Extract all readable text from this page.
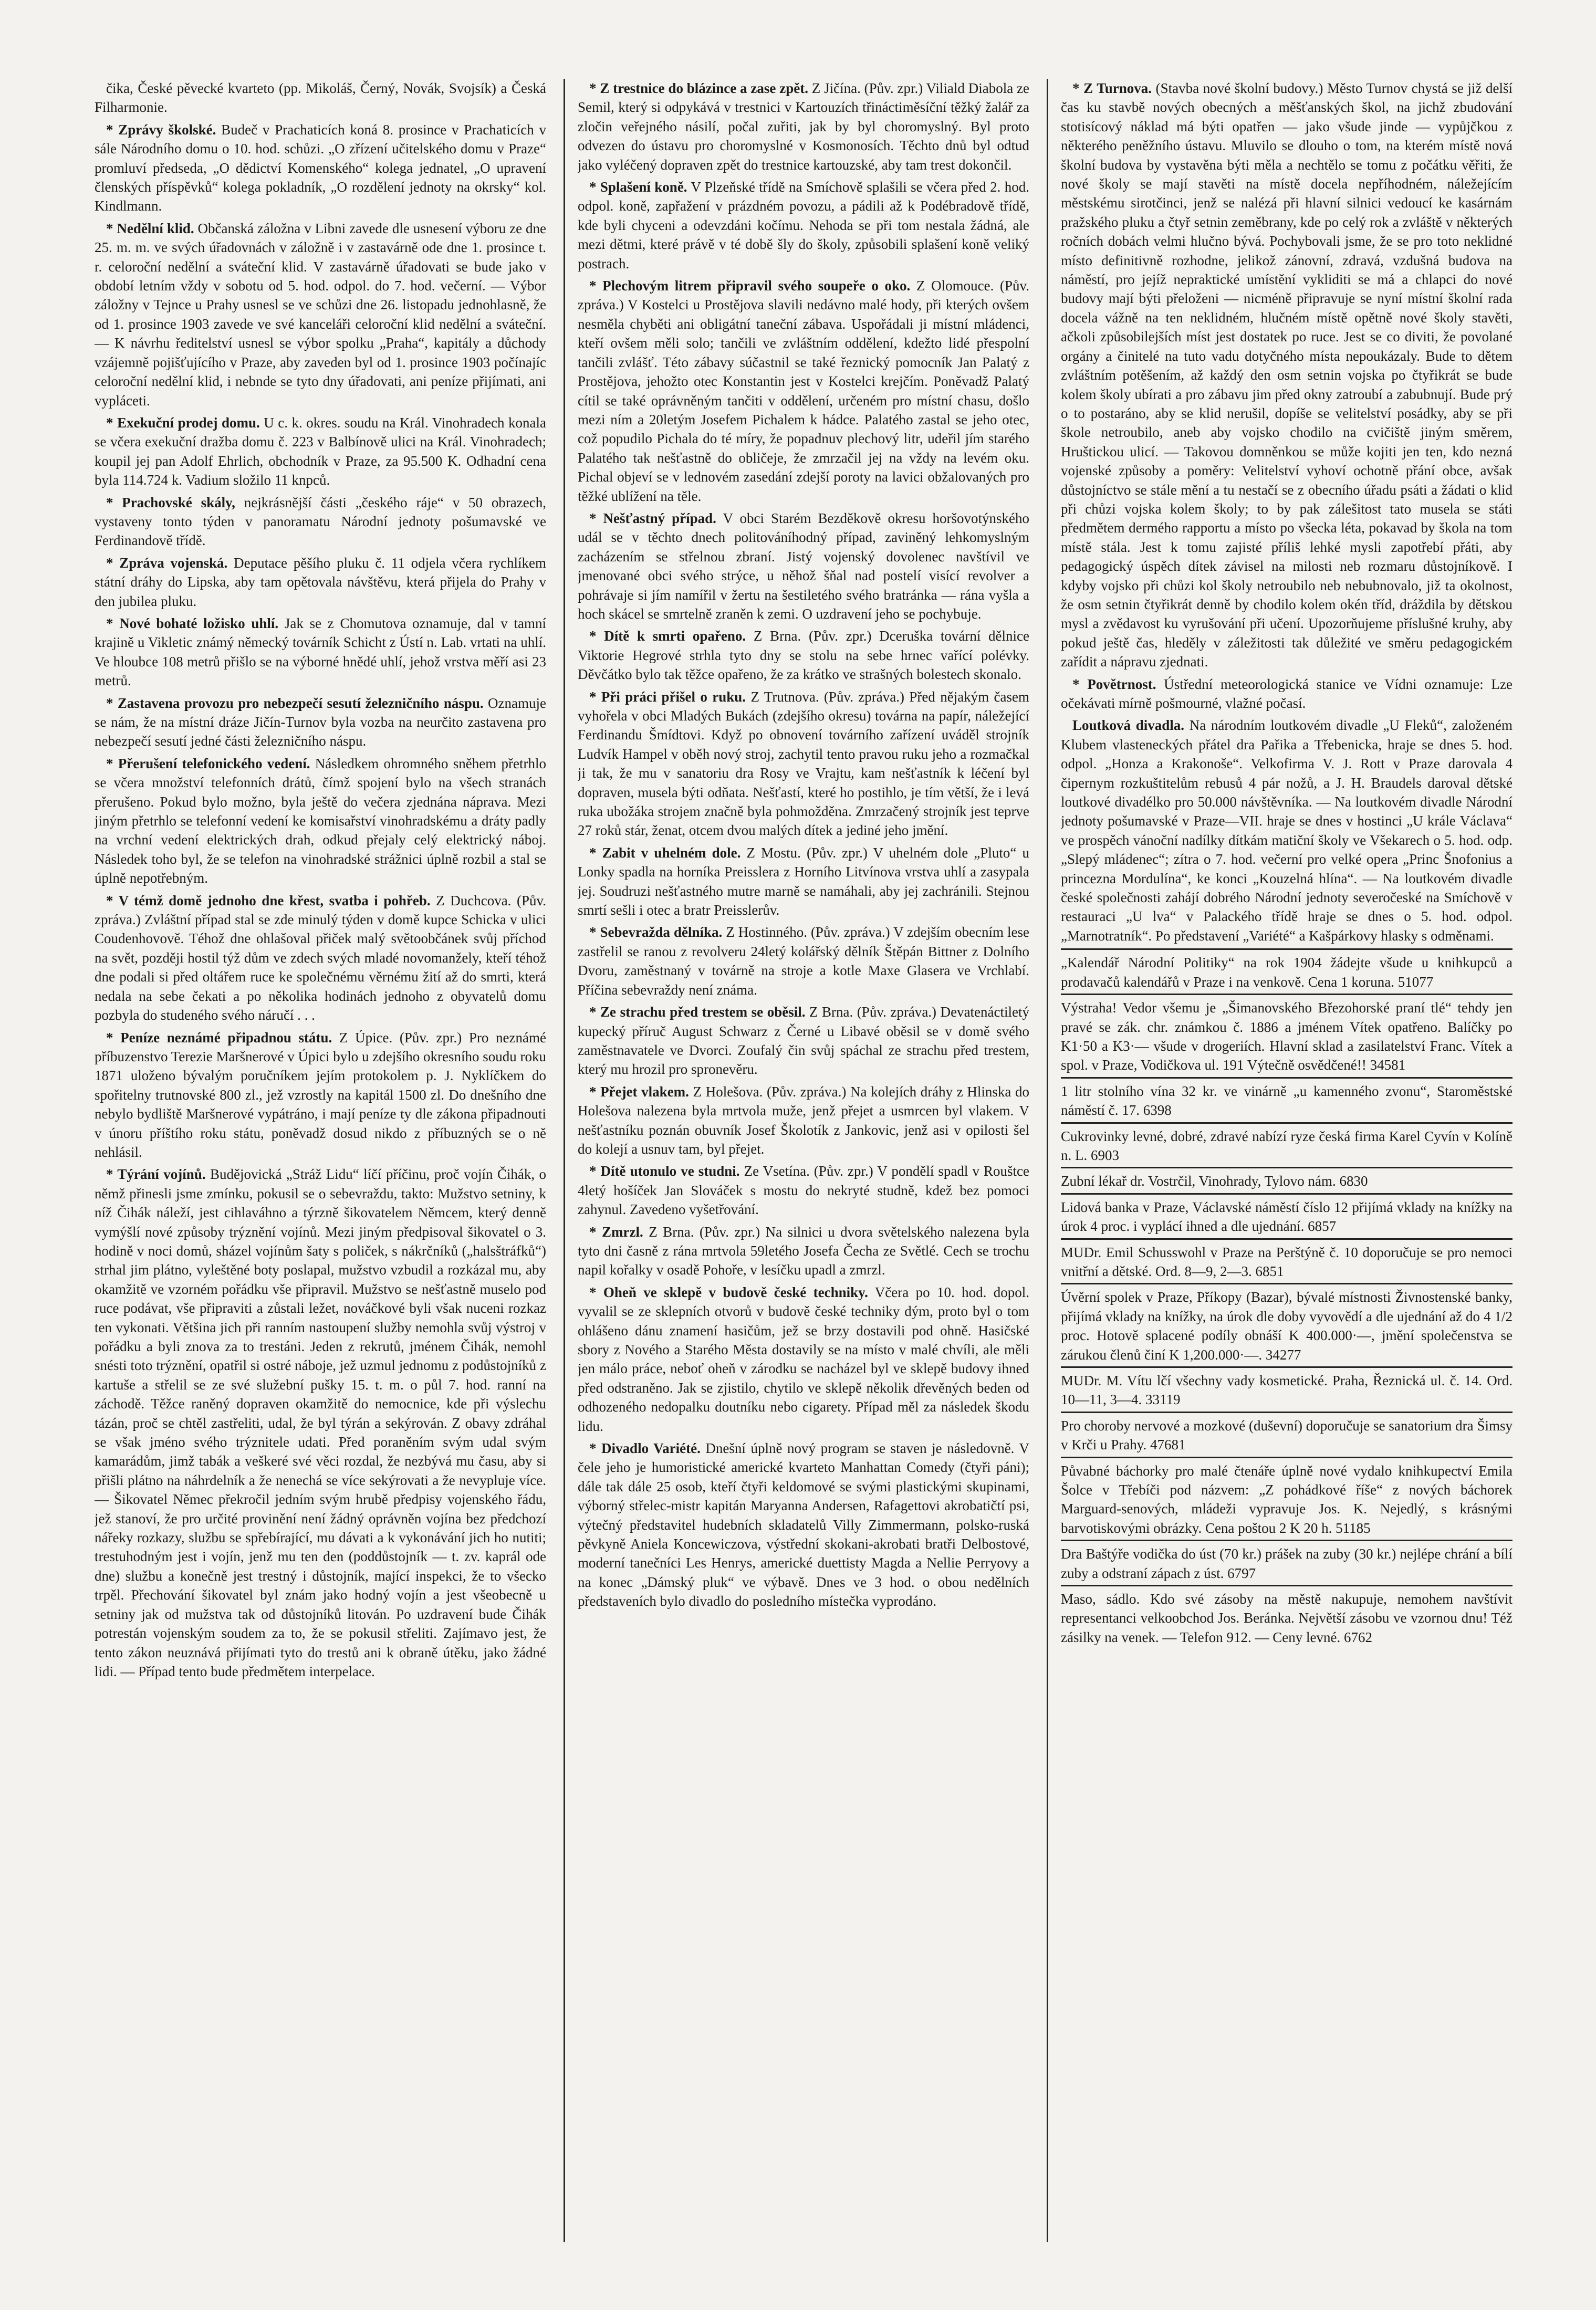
čika, České pěvecké kvarteto (pp. Mikoláš, Černý, Novák, Svojsík) a Česká Filharmonie.

* Zprávy školské. Budeč v Prachaticích koná 8. prosince v Prachaticích v sále Národního domu o 10. hod. schůzi. „O zřízení učitelského domu v Praze“ promluví předseda, „O dědictví Komenského“ kolega jednatel, „O upravení členských příspěvků“ kolega pokladník, „O rozdělení jednoty na okrsky“ kol. Kindlmann.

* Nedělní klid. Občanská záložna v Libni zavede dle usnesení výboru ze dne 25. m. m. ve svých úřadovnách v záložně i v zastavárně ode dne 1. prosince t. r. celoroční nedělní a sváteční klid. V zastavárně úřadovati se bude jako v období letním vždy v sobotu od 5. hod. odpol. do 7. hod. večerní. — Výbor záložny v Tejnce u Prahy usnesl se ve schůzi dne 26. listopadu jednohlasně, že od 1. prosince 1903 zavede ve své kanceláři celoroční klid nedělní a sváteční. — K návrhu ředitelství usnesl se výbor spolku „Praha“, kapitály a důchody vzájemně pojišťujícího v Praze, aby zaveden byl od 1. prosince 1903 počínajíc celoroční nedělní klid, i nebnde se tyto dny úřadovati, ani peníze přijímati, ani vypláceti.

* Exekuční prodej domu. U c. k. okres. soudu na Král. Vinohradech konala se včera exekuční dražba domu č. 223 v Balbínově ulici na Král. Vinohradech; koupil jej pan Adolf Ehrlich, obchodník v Praze, za 95.500 K. Odhadní cena byla 114.724 k. Vadium složilo 11 knpců.

* Prachovské skály, nejkrásnější části „českého ráje“ v 50 obrazech, vystaveny tonto týden v panoramatu Národní jednoty pošumavské ve Ferdinandově třídě.

* Zpráva vojenská. Deputace pěšího pluku č. 11 odjela včera rychlíkem státní dráhy do Lipska, aby tam opětovala návštěvu, která přijela do Prahy v den jubilea pluku.

* Nové bohaté ložisko uhlí. Jak se z Chomutova oznamuje, dal v tamní krajině u Vikletic známý německý továrník Schicht z Ústí n. Lab. vrtati na uhlí. Ve hloubce 108 metrů přišlo se na výborné hnědé uhlí, jehož vrstva měří asi 23 metrů.

* Zastavena provozu pro nebezpečí sesutí železničního náspu. Oznamuje se nám, že na místní dráze Jičín-Turnov byla vozba na neurčito zastavena pro nebezpečí sesutí jedné části železničního náspu.

* Přerušení telefonického vedení. Následkem ohromného sněhem přetrhlo se včera množství telefonních drátů, čímž spojení bylo na všech stranách přerušeno. Pokud bylo možno, byla ještě do večera zjednána náprava. Mezi jiným přetrhlo se telefonní vedení ke komisařství vinohradskému a dráty padly na vrchní vedení elektrických drah, odkud přejaly celý elektrický náboj. Následek toho byl, že se telefon na vinohradské strážnici úplně rozbil a stal se úplně nepotřebným.

* V témž domě jednoho dne křest, svatba i pohřeb. Z Duchcova. (Pův. zpráva.) Zvláštní případ stal se zde minulý týden v domě kupce Schicka v ulici Coudenhovově. Téhož dne ohlašoval přiček malý světoobčánek svůj příchod na svět, později hostil týž dům ve zdech svých mladé novomanžely, kteří téhož dne podali si před oltářem ruce ke společnému věrnému žití až do smrti, která nedala na sebe čekati a po několika hodinách jednoho z obyvatelů domu pozbyla do studeného svého náručí . . .

* Peníze neznámé připadnou státu. Z Úpice. (Pův. zpr.) Pro neznámé příbuzenstvo Terezie Maršnerové v Úpici bylo u zdejšího okresního soudu roku 1871 uloženo bývalým poručníkem jejím protokolem p. J. Nyklíčkem do spořitelny trutnovské 800 zl., jež vzrostly na kapitál 1500 zl. Do dnešního dne nebylo bydliště Maršnerové vypátráno, i mají peníze ty dle zákona připadnouti v únoru příštího roku státu, poněvadž dosud nikdo z příbuzných se o ně nehlásil.

* Týrání vojínů. Budějovická „Stráž Lidu“ líčí příčinu, proč vojín Čihák, o němž přinesli jsme zmínku, pokusil se o sebevraždu, takto: Mužstvo setniny, k níž Čihák náleží, jest cihlaváhno a týrzně šikovatelem Němcem, který denně vymýšlí nové způsoby trýznění vojínů. Mezi jiným předpisoval šikovatel o 3. hodině v noci domů, sházel vojínům šaty s poliček, s nákrčníků („halsštráfků“) strhal jim plátno, vyleštěné boty poslapal, mužstvo vzbudil a rozkázal mu, aby okamžitě ve vzorném pořádku vše připravil. Mužstvo se nešťastně muselo pod ruce podávat, vše připraviti a zůstali ležet, nováčkové byli však nuceni rozkaz ten vykonati. Většina jich při ranním nastoupení služby nemohla svůj výstroj v pořádku a byli znova za to trestáni. Jeden z rekrutů, jménem Čihák, nemohl snésti toto trýznění, opatřil si ostré náboje, jež uzmul jednomu z podůstojníků z kartuše a střelil se ze své služební pušky 15. t. m. o půl 7. hod. ranní na záchodě. Těžce raněný dopraven okamžitě do nemocnice, kde při výslechu tázán, proč se chtěl zastřeliti, udal, že byl týrán a sekýrován. Z obavy zdráhal se však jméno svého trýznitele udati. Před poraněním svým udal svým kamarádům, jimž tabák a veškeré své věci rozdal, že nezbývá mu času, aby si přišli plátno na náhrdelník a že nenechá se více sekýrovati a že nevypluje více. — Šikovatel Němec překročil jedním svým hrubě předpisy vojenského řádu, jež stanoví, že pro určité provinění není žádný oprávněn vojína bez předchozí nářeky rozkazy, službu se spřebírající, mu dávati a k vykonávání jich ho nutiti; trestuhodným jest i vojín, jenž mu ten den (poddůstojník — t. zv. kaprál ode dne) službu a konečně jest trestný i důstojník, mající inspekci, že to všecko trpěl. Přechování šikovatel byl znám jako hodný vojín a jest všeobecně u setniny jak od mužstva tak od důstojníků litován. Po uzdravení bude Čihák potrestán vojenským soudem za to, že se pokusil střeliti. Zajímavo jest, že tento zákon neuznává přijímati tyto do trestů ani k obraně útěku, jako žádné lidi. — Případ tento bude předmětem interpelace.

* Z trestnice do blázince a zase zpět. Z Jičína. (Pův. zpr.) Viliald Diabola ze Semil, který si odpykává v trestnici v Kartouzích třináctiměsíční těžký žalář za zločin veřejného násilí, počal zuřiti, jak by byl choromyslný. Byl proto odvezen do ústavu pro choromyslné v Kosmonosích. Těchto dnů byl odtud jako vyléčený dopraven zpět do trestnice kartouzské, aby tam trest dokončil.

* Splašení koně. V Plzeňské třídě na Smíchově splašili se včera před 2. hod. odpol. koně, zapřažení v prázdném povozu, a pádili až k Podébradově třídě, kde byli chyceni a odevzdáni kočímu. Nehoda se při tom nestala žádná, ale mezi dětmi, které právě v té době šly do školy, způsobili splašení koně veliký postrach.

* Plechovým litrem připravil svého soupeře o oko. Z Olomouce. (Pův. zpráva.) V Kostelci u Prostějova slavili nedávno malé hody, při kterých ovšem nesměla chyběti ani obligátní taneční zábava. Uspořádali ji místní mládenci, kteří ovšem měli solo; tančili ve zvláštním oddělení, kdežto lidé přespolní tančili zvlášť. Této zábavy súčastnil se také řeznický pomocník Jan Palatý z Prostějova, jehožto otec Konstantin jest v Kostelci krejčím. Poněvadž Palatý cítil se také oprávněným tančiti v oddělení, určeném pro místní chasu, došlo mezi ním a 20letým Josefem Pichalem k hádce. Palatého zastal se jeho otec, což popudilo Pichala do té míry, že popadnuv plechový litr, udeřil jím starého Palatého tak nešťastně do obličeje, že zmrzačil jej na vždy na levém oku. Pichal objeví se v lednovém zasedání zdejší poroty na lavici obžalovaných pro těžké ublížení na těle.

* Nešťastný případ. V obci Starém Bezděkově okresu horšovotýnského udál se v těchto dnech politováníhodný případ, zaviněný lehkomyslným zacházením se střelnou zbraní. Jistý vojenský dovolenec navštívil ve jmenované obci svého strýce, u něhož šňal nad postelí visící revolver a pohrávaje si jím namířil v žertu na šestiletého svého bratránka — rána vyšla a hoch skácel se smrtelně zraněn k zemi. O uzdravení jeho se pochybuje.

* Dítě k smrti opařeno. Z Brna. (Pův. zpr.) Dceruška tovární dělnice Viktorie Hegrové strhla tyto dny se stolu na sebe hrnec vařící polévky. Děvčátko bylo tak těžce opařeno, že za krátko ve strašných bolestech skonalo.

* Při práci přišel o ruku. Z Trutnova. (Pův. zpráva.) Před nějakým časem vyhořela v obci Mladých Bukách (zdejšího okresu) továrna na papír, náležející Ferdinandu Šmídtovi. Když po obnovení továrního zařízení uváděl strojník Ludvík Hampel v oběh nový stroj, zachytil tento pravou ruku jeho a rozmačkal ji tak, že mu v sanatoriu dra Rosy ve Vrajtu, kam nešťastník k léčení byl dopraven, musela býti odňata. Nešťastí, které ho postihlo, je tím větší, že i levá ruka ubožáka strojem značně byla pohmožděna. Zmrzačený strojník jest teprve 27 roků stár, ženat, otcem dvou malých dítek a jediné jeho jmění.

* Zabit v uhelném dole. Z Mostu. (Pův. zpr.) V uhelném dole „Pluto“ u Lonky spadla na horníka Preisslera z Horního Litvínova vrstva uhlí a zasypala jej. Soudruzi nešťastného mutre marně se namáhali, aby jej zachránili. Stejnou smrtí sešli i otec a bratr Preisslerův.

* Sebevražda dělníka. Z Hostinného. (Pův. zpráva.) V zdejším obecním lese zastřelil se ranou z revolveru 24letý kolářský dělník Štěpán Bittner z Dolního Dvoru, zaměstnaný v továrně na stroje a kotle Maxe Glasera ve Vrchlabí. Příčina sebevraždy není známa.

* Ze strachu před trestem se oběsil. Z Brna. (Pův. zpráva.) Devatenáctiletý kupecký příruč August Schwarz z Černé u Libavé oběsil se v domě svého zaměstnavatele ve Dvorci. Zoufalý čin svůj spáchal ze strachu před trestem, který mu hrozil pro spronevěru.

* Přejet vlakem. Z Holešova. (Pův. zpráva.) Na kolejích dráhy z Hlinska do Holešova nalezena byla mrtvola muže, jenž přejet a usmrcen byl vlakem. V nešťastníku poznán obuvník Josef Školotík z Jankovic, jenž asi v opilosti šel do kolejí a usnuv tam, byl přejet.

* Dítě utonulo ve studni. Ze Vsetína. (Pův. zpr.) V pondělí spadl v Rouštce 4letý hošíček Jan Slováček s mostu do nekryté studně, kdež bez pomoci zahynul. Zavedeno vyšetřování.

* Zmrzl. Z Brna. (Pův. zpr.) Na silnici u dvora světelského nalezena byla tyto dni časně z rána mrtvola 59letého Josefa Čecha ze Světlé. Cech se trochu napil kořalky v osadě Pohoře, v lesíčku upadl a zmrzl.

* Oheň ve sklepě v budově české techniky. Včera po 10. hod. dopol. vyvalil se ze sklepních otvorů v budově české techniky dým, proto byl o tom ohlášeno dánu znamení hasičům, jež se brzy dostavili pod ohně. Hasičské sbory z Nového a Starého Města dostavily se na místo v malé chvíli, ale měli jen málo práce, neboť oheň v zárodku se nacházel byl ve sklepě budovy ihned před odstraněno. Jak se zjistilo, chytilo ve sklepě několik dřevěných beden od odhozeného nedopalku doutníku nebo cigarety. Případ měl za následek škodu lidu.

* Divadlo Variété. Dnešní úplně nový program se staven je následovně. V čele jeho je humoristické americké kvarteto Manhattan Comedy (čtyři páni); dále tak dále 25 osob, kteří čtyři keldomové se svými plastickými skupinami, výborný střelec-mistr kapitán Maryanna Andersen, Rafagettovi akrobatičtí psi, výtečný představitel hudebních skladatelů Villy Zimmermann, polsko-ruská pěvkyně Aniela Koncewiczova, výstřední skokani-akrobati bratři Delbostové, moderní tanečníci Les Henrys, americké duettisty Magda a Nellie Perryovy a na konec „Dámský pluk“ ve výbavě. Dnes ve 3 hod. o obou nedělních představeních bylo divadlo do posledního místečka vyprodáno.

* Z Turnova. (Stavba nové školní budovy.) Město Turnov chystá se již delší čas ku stavbě nových obecných a měšťanských škol, na jichž zbudování stotisícový náklad má býti opatřen — jako všude jinde — vypůjčkou z některého peněžního ústavu. Mluvilo se dlouho o tom, na kterém místě nová školní budova by vystavěna býti měla a nechtělo se tomu z počátku věřiti, že nové školy se mají stavěti na místě docela nepříhodném, náležejícím městskému sirotčinci, jenž se nalézá při hlavní silnici vedoucí ke kasárnám pražského pluku a čtyř setnin zeměbrany, kde po celý rok a zvláště v některých ročních dobách velmi hlučno bývá. Pochybovali jsme, že se pro toto neklidné místo definitivně rozhodne, jelikož zánovní, zdravá, vzdušná budova na náměstí, pro jejíž nepraktické umístění vykliditi se má a chlapci do nové budovy mají býti přeloženi — nicméně připravuje se nyní místní školní rada docela vážně na ten neklidném, hlučném místě opětně nové školy stavěti, ačkoli způsobilejších míst jest dostatek po ruce. Jest se co diviti, že povolané orgány a činitelé na tuto vadu dotyčného místa nepoukázaly. Bude to dětem zvláštním potěšením, až každý den osm setnin vojska po čtyřikrát se bude kolem školy ubírati a pro zábavu jim před okny zatroubí a zabubnují. Bude prý o to postaráno, aby se klid nerušil, dopíše se velitelství posádky, aby se při škole netroubilo, aneb aby vojsko chodilo na cvičiště jiným směrem, Hruštickou ulicí. — Takovou domněnkou se může kojiti jen ten, kdo nezná vojenské způsoby a poměry: Velitelství vyhoví ochotně přání obce, avšak důstojníctvo se stále mění a tu nestačí se z obecního úřadu psáti a žádati o klid při chůzi vojska kolem školy; to by pak zálešitost tato musela se státi předmětem dermého rapportu a místo po všecka léta, pokavad by škola na tom místě stála. Jest k tomu zajisté příliš lehké mysli zapotřebí přáti, aby pedagogický úspěch dítek závisel na milosti neb rozmaru důstojníkově. I kdyby vojsko při chůzi kol školy netroubilo neb nebubnovalo, již ta okolnost, že osm setnin čtyřikrát denně by chodilo kolem okén tříd, dráždila by dětskou mysl a zvědavost ku vyrušování při učení. Upozorňujeme příslušné kruhy, aby pokud ještě čas, hleděly v záležitosti tak důležité ve směru pedagogickém zařídit a nápravu zjednati.

* Povětrnost. Ústřední meteorologická stanice ve Vídni oznamuje: Lze očekávati mírně pošmourné, vlažné počasí.

Loutková divadla. Na národním loutkovém divadle „U Fleků“, založeném Klubem vlasteneckých přátel dra Pařika a Třebenicka, hraje se dnes 5. hod. odpol. „Honza a Krakonoše“. Velkofirma V. J. Rott v Praze darovala 4 čipernym rozkuštitelům rebusů 4 pár nožů, a J. H. Braudels daroval dětské loutkové divadélko pro 50.000 návštěvníka. — Na loutkovém divadle Národní jednoty pošumavské v Praze—VII. hraje se dnes v hostinci „U krále Václava“ ve prospěch vánoční nadílky dítkám matiční školy ve Všekarech o 5. hod. odp. „Slepý mládenec“; zítra o 7. hod. večerní pro velké opera „Princ Šnofonius a princezna Mordulína“, ke konci „Kouzelná hlína“. — Na loutkovém divadle české společnosti zahájí dobrého Národní jednoty severočeské na Smíchově v restauraci „U lva“ v Palackého třídě hraje se dnes o 5. hod. odpol. „Marnotratník“. Po představení „Variété“ a Kašpárkovy hlasky s odměnami.

„Kalendář Národní Politiky“ na rok 1904 žádejte všude u knihkupců a prodavačů kalendářů v Praze i na venkově. Cena 1 koruna. 51077

Výstraha! Vedor všemu je „Šimanovského Březohorské praní tlé“ tehdy jen pravé se zák. chr. známkou č. 1886 a jménem Vítek opatřeno. Balíčky po K1·50 a K3·— všude v drogeriích. Hlavní sklad a zasilatelství Franc. Vítek a spol. v Praze, Vodičkova ul. 191 Výtečně osvědčené!! 34581

1 litr stolního vína 32 kr. ve vinárně „u kamenného zvonu“, Staroměstské náměstí č. 17. 6398

Cukrovinky levné, dobré, zdravé nabízí ryze česká firma Karel Cyvín v Kolíně n. L. 6903

Zubní lékař dr. Vostrčil, Vinohrady, Tylovo nám. 6830

Lidová banka v Praze, Václavské náměstí číslo 12 přijímá vklady na knížky na úrok 4 proc. i vyplácí ihned a dle ujednání. 6857

MUDr. Emil Schusswohl v Praze na Perštýně č. 10 doporučuje se pro nemoci vnitřní a dětské. Ord. 8—9, 2—3. 6851

Úvěrní spolek v Praze, Příkopy (Bazar), bývalé místnosti Živnostenské banky, přijímá vklady na knížky, na úrok dle doby vyvovědí a dle ujednání až do 4 1/2 proc. Hotově splacené podíly obnáší K 400.000·—, jmění společenstva se zárukou členů činí K 1,200.000·—. 34277

MUDr. M. Vítu lčí všechny vady kosmetické. Praha, Řeznická ul. č. 14. Ord. 10—11, 3—4. 33119

Pro choroby nervové a mozkové (duševní) doporučuje se sanatorium dra Šimsy v Krči u Prahy. 47681

Půvabné báchorky pro malé čtenáře úplně nové vydalo knihkupectví Emila Šolce v Třebíči pod názvem: „Z pohádkové říše“ z nových báchorek Marguard-senových, mládeži vypravuje Jos. K. Nejedlý, s krásnými barvotiskovými obrázky. Cena poštou 2 K 20 h. 51185

Dra Baštýře vodička do úst (70 kr.) prášek na zuby (30 kr.) nejlépe chrání a bílí zuby a odstraní zápach z úst. 6797

Maso, sádlo. Kdo své zásoby na městě nakupuje, nemohem navštívit representanci velkoobchod Jos. Beránka. Největší zásobu ve vzornou dnu! Též zásilky na venek. — Telefon 912. — Ceny levné. 6762
